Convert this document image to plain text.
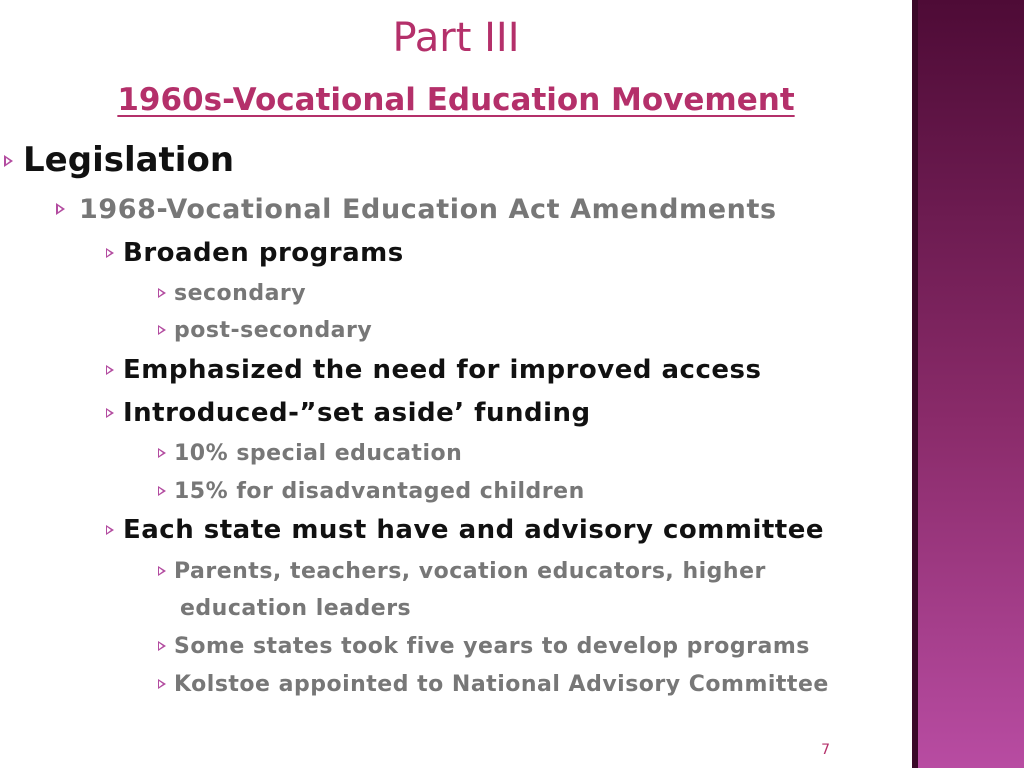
Part III
1960s-Vocational Education Movement
Legislation
1968-Vocational Education Act Amendments
Broaden programs
secondary
post-secondary
Emphasized the need for improved access
Introduced-”set aside’ funding
10% special education
15% for disadvantaged children
Each state must have and advisory committee
Parents, teachers, vocation educators, higher
education leaders
Some states took five years to develop programs
Kolstoe appointed to National Advisory Committee
7
